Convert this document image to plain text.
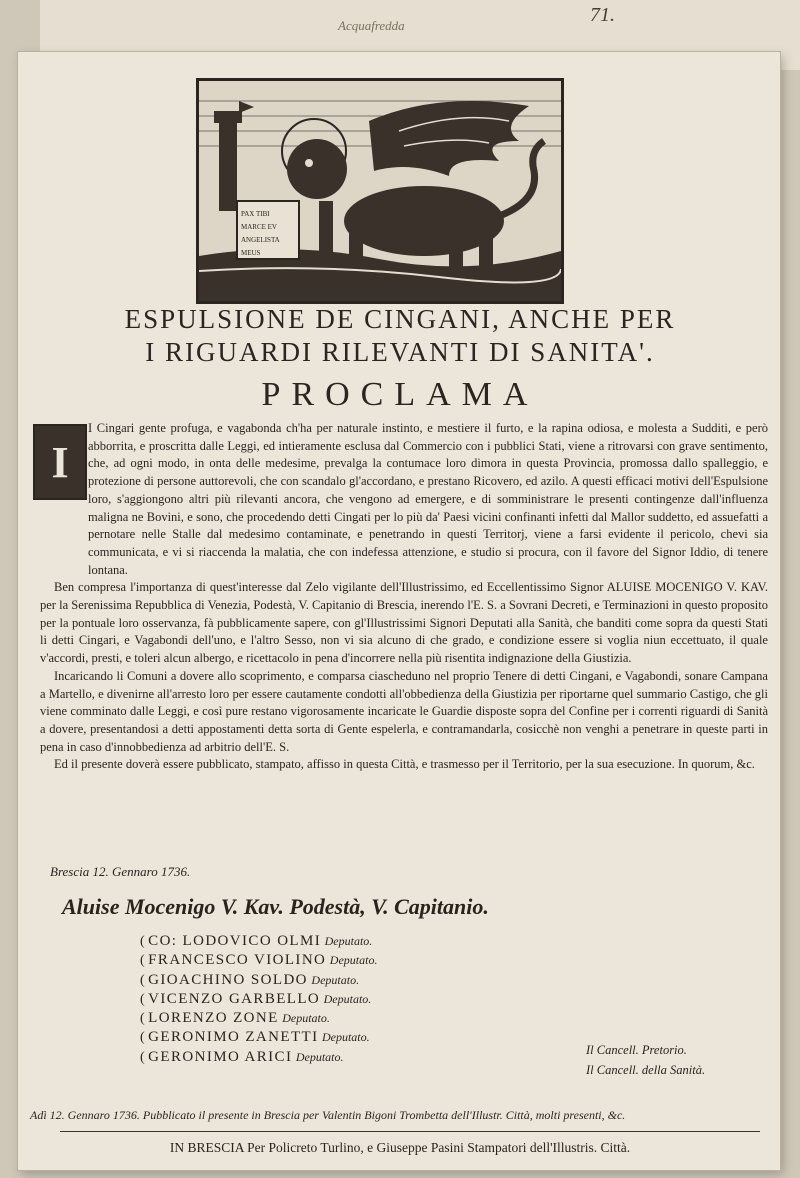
71.
Acquafredda
PAX TIBI
MARCE EV
ANGELISTA
MEUS
ESPULSIONE DE CINGANI, ANCHE PER
I RIGUARDI RILEVANTI DI SANITA'.
PROCLAMA
I

I Cingari gente profuga, e vagabonda ch'ha per naturale instinto, e mestiere il furto, e la rapina odiosa, e molesta a Sudditi, e però abborrita, e proscritta dalle Leggi, ed intieramente esclusa dal Commercio con i pubblici Stati, viene a ritrovarsi con grave sentimento, che, ad ogni modo, in onta delle medesime, prevalga la contumace loro dimora in questa Provincia, promossa dallo spalleggio, e protezione di persone auttorevoli, che con scandalo gl'accordano, e prestano Ricovero, ed azilo. A questi efficaci motivi dell'Espulsione loro, s'aggiongono altri più rilevanti ancora, che vengono ad emergere, e di somministrare le presenti contingenze dall'influenza maligna ne Bovini, e sono, che procedendo detti Cingati per lo più da' Paesi vicini confinanti infetti dal Mallor suddetto, ed assuefatti a pernotare nelle Stalle dal medesimo contaminate, e penetrando in questi Territorj, viene a farsi evidente il pericolo, chevi sia communicata, e vi si riaccenda la malatia, che con indefessa attenzione, e studio si procura, con il favore del Signor Iddio, di tenere lontana.

Ben compresa l'importanza di quest'interesse dal Zelo vigilante dell'Illustrissimo, ed Eccellentissimo Signor ALUISE MOCENIGO V. KAV. per la Serenissima Repubblica di Venezia, Podestà, V. Capitanio di Brescia, inerendo l'E. S. a Sovrani Decreti, e Terminazioni in questo proposito per la pontuale loro osservanza, fà pubblicamente sapere, con gl'Illustrissimi Signori Deputati alla Sanità, che banditi come sopra da questi Stati li detti Cingari, e Vagabondi dell'uno, e l'altro Sesso, non vi sia alcuno di che grado, e condizione essere si voglia niun eccettuato, il quale v'accordi, presti, e toleri alcun albergo, e ricettacolo in pena d'incorrere nella più risentita indignazione della Giustizia.

Incaricando li Comuni a dovere allo scoprimento, e comparsa ciascheduno nel proprio Tenere di detti Cingani, e Vagabondi, sonare Campana a Martello, e divenirne all'arresto loro per essere cautamente condotti all'obbedienza della Giustizia per riportarne quel summario Castigo, che gli viene comminato dalle Leggi, e così pure restano vigorosamente incaricate le Guardie disposte sopra del Confine per i correnti riguardi di Sanità a dovere, presentandosi a detti appostamenti detta sorta di Gente espelerla, e contramandarla, cosicchè non venghi a penetrare in queste parti in pena in caso d'innobbedienza ad arbitrio dell'E. S.

Ed il presente doverà essere pubblicato, stampato, affisso in questa Città, e trasmesso per il Territorio, per la sua esecuzione. In quorum, &c.

Brescia 12. Gennaro 1736.
Aluise Mocenigo V. Kav. Podestà, V. Capitanio.
( CO: LODOVICO OLMI Deputato.
( FRANCESCO VIOLINO Deputato.
( GIOACHINO SOLDO Deputato.
( VICENZO GARBELLO Deputato.
( LORENZO ZONE Deputato.
( GERONIMO ZANETTI Deputato.
( GERONIMO ARICI Deputato.	Il Cancell. Pretorio.
Il Cancell. della Sanità.
Adì 12. Gennaro 1736. Pubblicato il presente in Brescia per Valentin Bigoni Trombetta dell'Illustr. Città, molti presenti, &c.
IN BRESCIA Per Policreto Turlino, e Giuseppe Pasini Stampatori dell'Illustris. Città.
